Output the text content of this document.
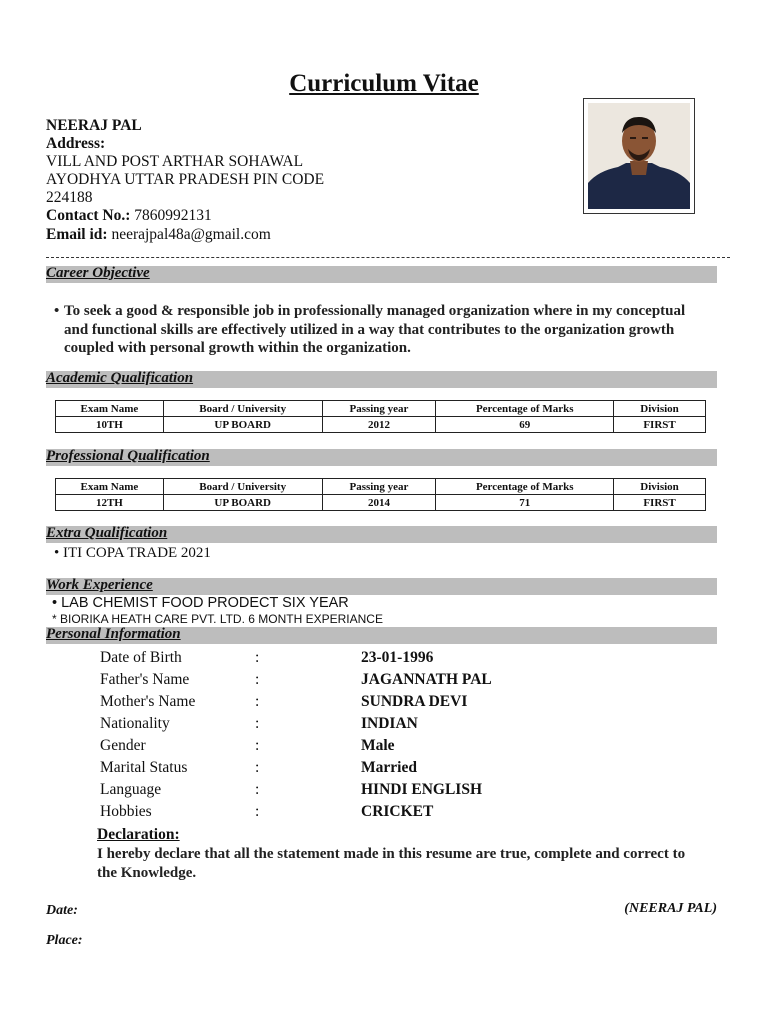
Curriculum Vitae
NEERAJ PAL
Address:
VILL AND POST ARTHAR SOHAWAL
AYODHYA UTTAR PRADESH PIN CODE
224188
Contact No.: 7860992131
Email id: neerajpal48a@gmail.com
Career Objective
• To seek a good & responsible job in professionally managed organization where in my conceptual and functional skills are effectively utilized in a way that contributes to the organization growth coupled with personal growth within the organization.
Academic Qualification
Exam Name	Board / University	Passing year	Percentage of Marks	Division
10TH	UP BOARD	2012	69	FIRST
Professional Qualification
Exam Name	Board / University	Passing year	Percentage of Marks	Division
12TH	UP BOARD	2014	71	FIRST
Extra Qualification
• ITI COPA TRADE 2021
Work Experience
• LAB CHEMIST FOOD PRODECT SIX YEAR
* BIORIKA HEATH CARE PVT. LTD. 6 MONTH EXPERIANCE
Personal Information
Date of Birth	:	23-01-1996
Father's Name	:	JAGANNATH PAL
Mother's Name	:	SUNDRA DEVI
Nationality	:	INDIAN
Gender	:	Male
Marital Status	:	Married
Language	:	HINDI ENGLISH
Hobbies	:	CRICKET
Declaration:
I hereby declare that all the statement made in this resume are true, complete and correct to the Knowledge.
Date:
Place:
(NEERAJ PAL)
